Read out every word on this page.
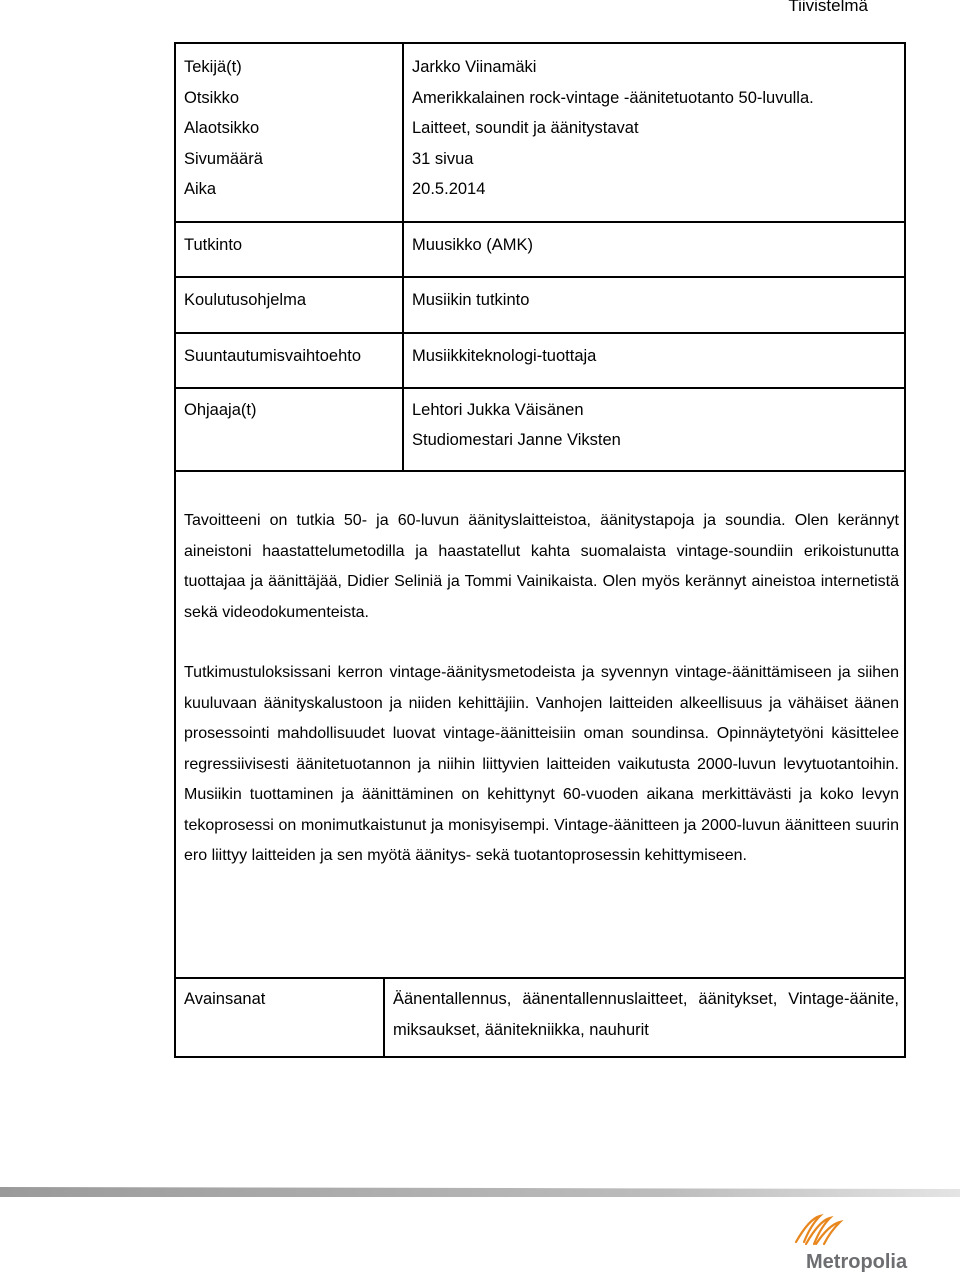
Tiivistelmä
Tekijä(t)	Jarkko Viinamäki
Otsikko	Amerikkalainen rock-vintage -äänitetuotanto 50-luvulla.
Alaotsikko	Laitteet, soundit ja äänitystavat
Sivumäärä	31 sivua
Aika	20.5.2014
Tutkinto	Muusikko (AMK)
Koulutusohjelma	Musiikin tutkinto
Suuntautumisvaihtoehto	Musiikkiteknologi-tuottaja
Ohjaaja(t)	Lehtori Jukka Väisänen
Studiomestari Janne Viksten

Tavoitteeni on tutkia 50- ja 60-luvun äänityslaitteistoa, äänitystapoja ja soundia. Olen kerännyt aineistoni haastattelumetodilla ja haastatellut kahta suomalaista vintage-soundiin erikoistunutta tuottajaa ja äänittäjää, Didier Seliniä ja Tommi Vainikaista. Olen myös kerännyt aineistoa internetistä sekä videodokumenteista.

Tutkimustuloksissani kerron vintage-äänitysmetodeista ja syvennyn vintage-äänittämiseen ja siihen kuuluvaan äänityskalustoon ja niiden kehittäjiin. Vanhojen laitteiden alkeellisuus ja vähäiset äänen prosessointi mahdollisuudet luovat vintage-äänitteisiin oman soundinsa. Opinnäytetyöni käsittelee regressiivisesti äänitetuotannon ja niihin liittyvien laitteiden vaikutusta 2000-luvun levytuotantoihin. Musiikin tuottaminen ja äänittäminen on kehittynyt 60-vuoden aikana merkittävästi ja koko levyn tekoprosessi on monimutkaistunut ja monisyisempi. Vintage-äänitteen ja 2000-luvun äänitteen suurin ero liittyy laitteiden ja sen myötä äänitys- sekä tuotantoprosessin kehittymiseen.

Avainsanat	Äänentallennus, äänentallennuslaitteet, äänitykset, Vintage-äänite, miksaukset, äänitekniikka, nauhurit
Metropolia
